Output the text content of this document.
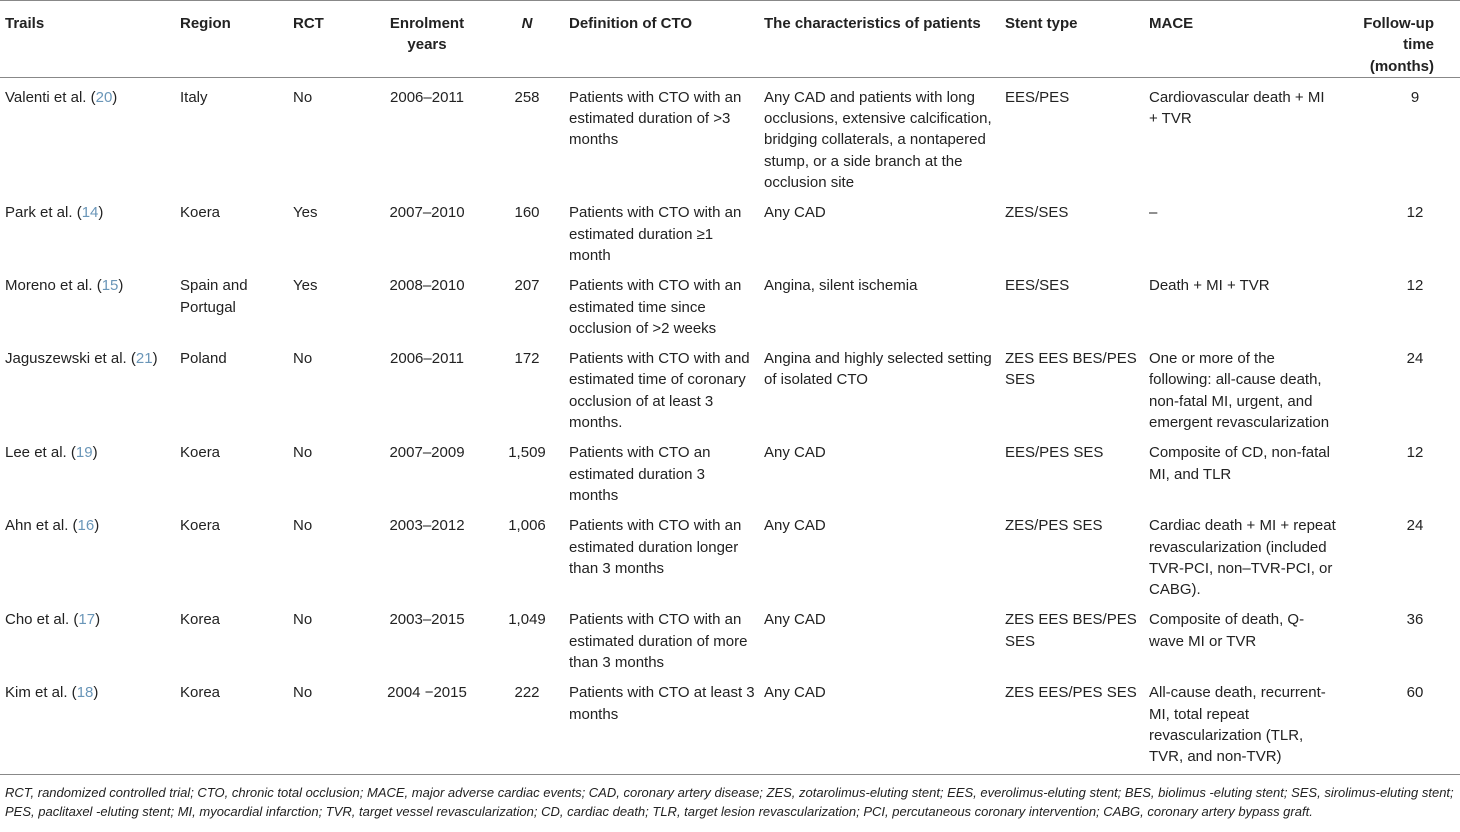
Trails	Region	RCT	Enrolment years	N	Definition of CTO	The characteristics of patients	Stent type	MACE	Follow-up time (months)
Valenti et al. (20)	Italy	No	2006–2011	258	Patients with CTO with an estimated duration of >3 months	Any CAD and patients with long occlusions, extensive calcification, bridging collaterals, a nontapered stump, or a side branch at the occlusion site	EES/PES	Cardiovascular death + MI + TVR	9
Park et al. (14)	Koera	Yes	2007–2010	160	Patients with CTO with an estimated duration ≥1 month	Any CAD	ZES/SES	–	12
Moreno et al. (15)	Spain and Portugal	Yes	2008–2010	207	Patients with CTO with an estimated time since occlusion of >2 weeks	Angina, silent ischemia	EES/SES	Death + MI + TVR	12
Jaguszewski et al. (21)	Poland	No	2006–2011	172	Patients with CTO with and estimated time of coronary occlusion of at least 3 months.	Angina and highly selected setting of isolated CTO	ZES EES BES/PES SES	One or more of the following: all-cause death, non-fatal MI, urgent, and emergent revascularization	24
Lee et al. (19)	Koera	No	2007–2009	1,509	Patients with CTO an estimated duration 3 months	Any CAD	EES/PES SES	Composite of CD, non-fatal MI, and TLR	12
Ahn et al. (16)	Koera	No	2003–2012	1,006	Patients with CTO with an estimated duration longer than 3 months	Any CAD	ZES/PES SES	Cardiac death + MI + repeat revascularization (included TVR-PCI, non–TVR-PCI, or CABG).	24
Cho et al. (17)	Korea	No	2003–2015	1,049	Patients with CTO with an estimated duration of more than 3 months	Any CAD	ZES EES BES/PES SES	Composite of death, Q-wave MI or TVR	36
Kim et al. (18)	Korea	No	2004 −2015	222	Patients with CTO at least 3 months	Any CAD	ZES EES/PES SES	All-cause death, recurrent-MI, total repeat revascularization (TLR, TVR, and non-TVR)	60
RCT, randomized controlled trial; CTO, chronic total occlusion; MACE, major adverse cardiac events; CAD, coronary artery disease; ZES, zotarolimus-eluting stent; EES, everolimus-eluting stent; BES, biolimus -eluting stent; SES, sirolimus-eluting stent; PES, paclitaxel -eluting stent; MI, myocardial infarction; TVR, target vessel revascularization; CD, cardiac death; TLR, target lesion revascularization; PCI, percutaneous coronary intervention; CABG, coronary artery bypass graft.
